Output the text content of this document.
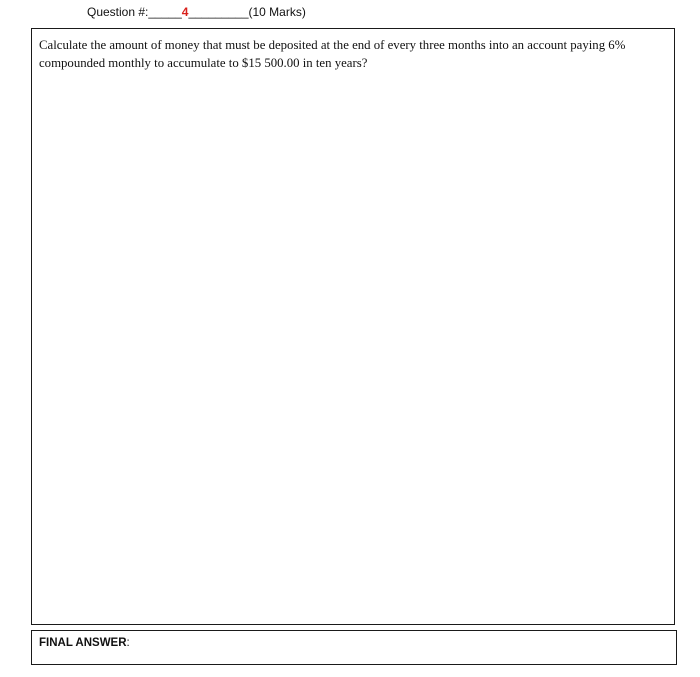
Question #:_____4_________(10 Marks)
Calculate the amount of money that must be deposited at the end of every three months into an account paying 6% compounded monthly to accumulate to $15 500.00 in ten years?
FINAL ANSWER:
